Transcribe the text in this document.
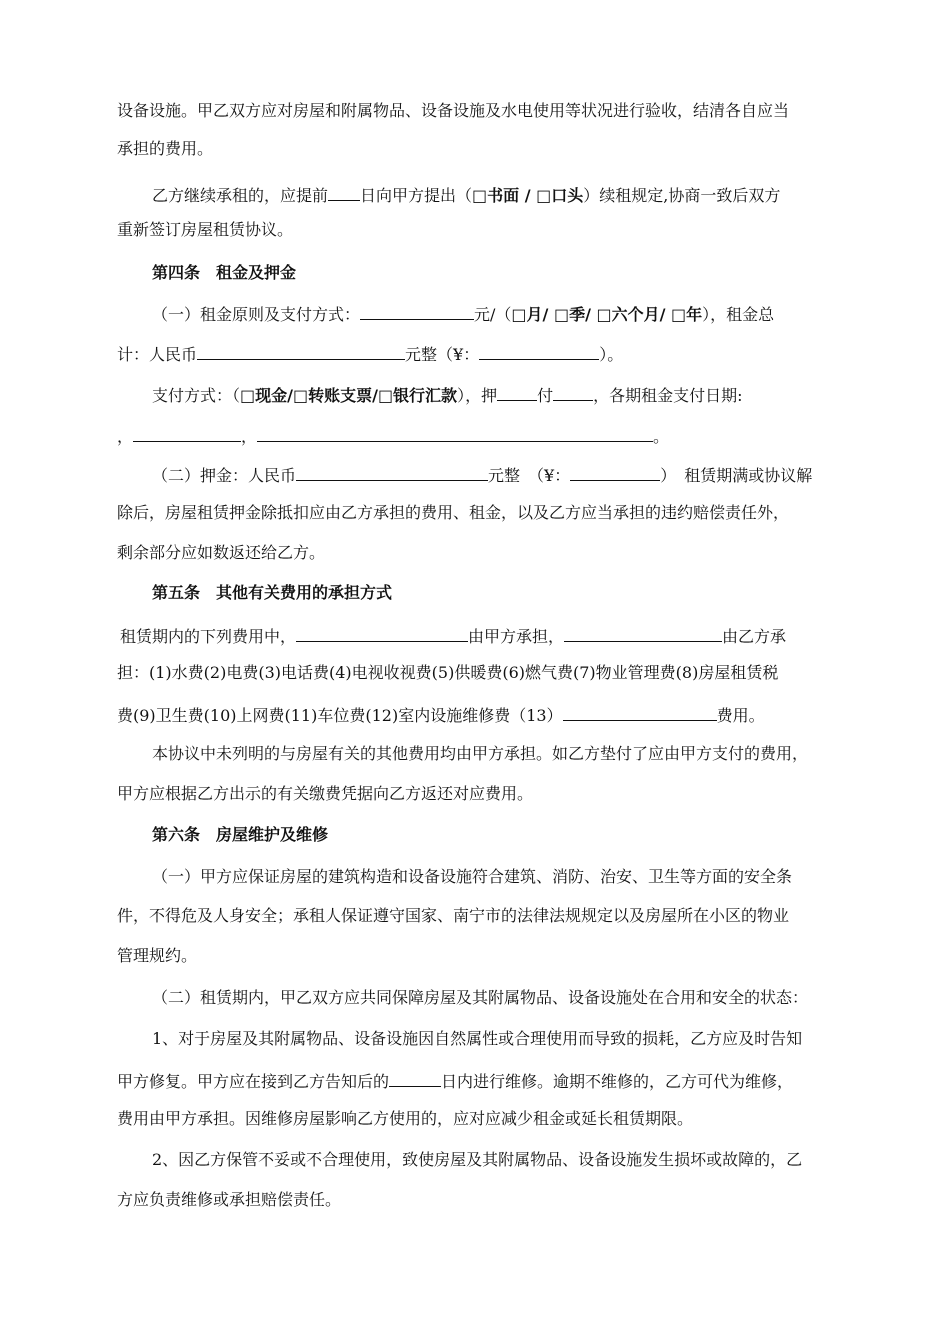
设备设施。甲乙双方应对房屋和附属物品、设备设施及水电使用等状况进行验收，结清各自应当
承担的费用。
乙方继续承租的，应提前 日向甲方提出（□书面 / □口头）续租规定,协商一致后双方
重新签订房屋租赁协议。
第四条　租金及押金
（一）租金原则及支付方式：	元/（□月/ □季/ □六个月/ □年），租金总
计：人民币	元整（¥：	）。
支付方式：（□现金/□转账支票/□银行汇款），押	付	，各期租金支付日期:
，	，	。
（二）押金：人民币	元整　（¥：	）　租赁期满或协议解
除后，房屋租赁押金除抵扣应由乙方承担的费用、租金，以及乙方应当承担的违约赔偿责任外，
剩余部分应如数返还给乙方。
第五条　其他有关费用的承担方式
租赁期内的下列费用中，	由甲方承担，	由乙方承
担：(1)水费(2)电费(3)电话费(4)电视收视费(5)供暖费(6)燃气费(7)物业管理费(8)房屋租赁税
费(9)卫生费(10)上网费(11)车位费(12)室内设施维修费（13）	费用。
本协议中未列明的与房屋有关的其他费用均由甲方承担。如乙方垫付了应由甲方支付的费用，
甲方应根据乙方出示的有关缴费凭据向乙方返还对应费用。
第六条　房屋维护及维修
（一）甲方应保证房屋的建筑构造和设备设施符合建筑、消防、治安、卫生等方面的安全条
件，不得危及人身安全；承租人保证遵守国家、南宁市的法律法规规定以及房屋所在小区的物业
管理规约。
（二）租赁期内，甲乙双方应共同保障房屋及其附属物品、设备设施处在合用和安全的状态：
1、对于房屋及其附属物品、设备设施因自然属性或合理使用而导致的损耗，乙方应及时告知
甲方修复。甲方应在接到乙方告知后的	日内进行维修。逾期不维修的，乙方可代为维修，
费用由甲方承担。因维修房屋影响乙方使用的，应对应减少租金或延长租赁期限。
2、因乙方保管不妥或不合理使用，致使房屋及其附属物品、设备设施发生损坏或故障的，乙
方应负责维修或承担赔偿责任。
